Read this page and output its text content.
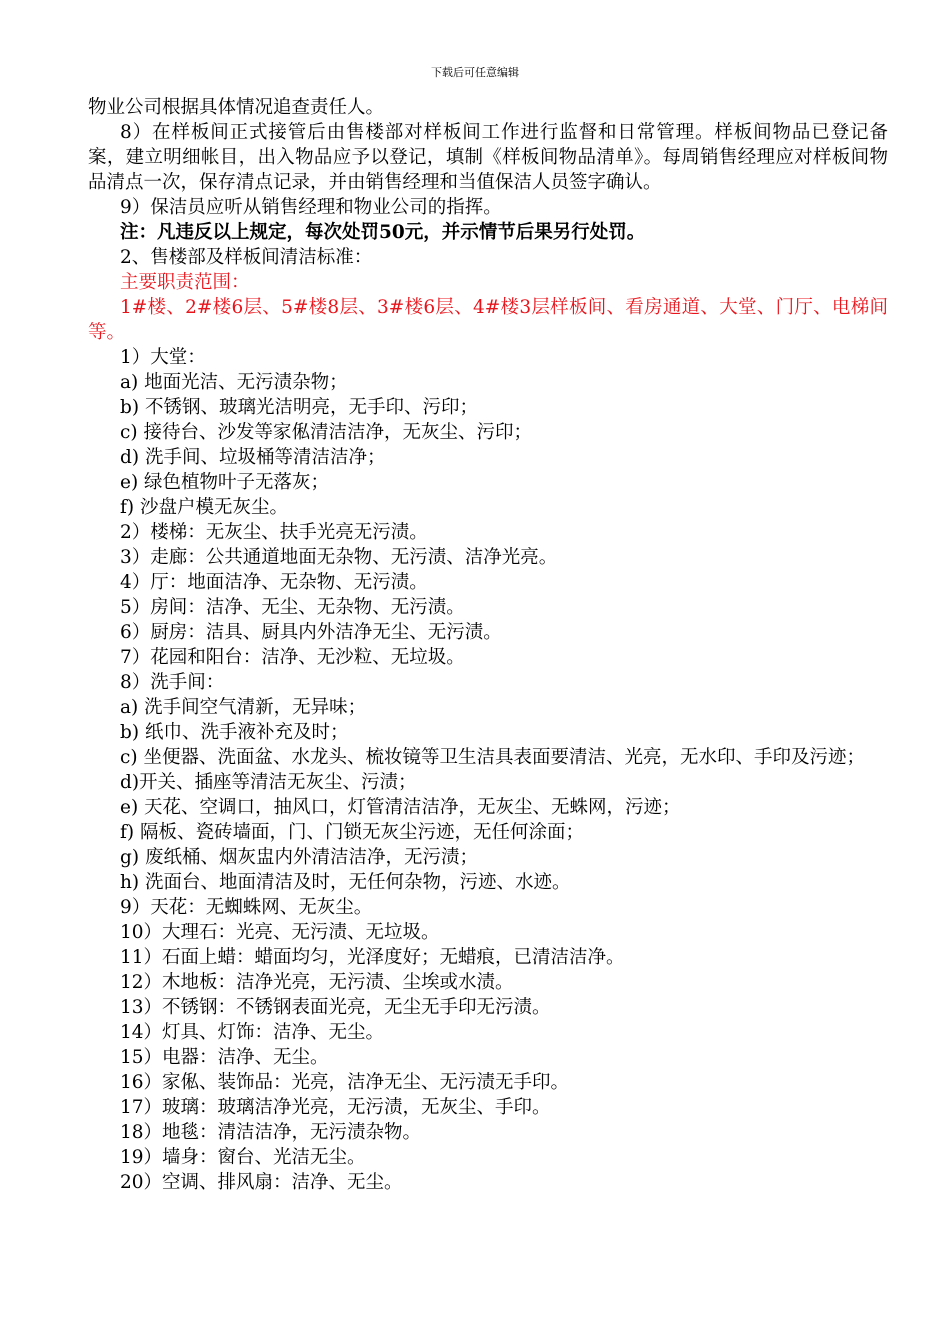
下载后可任意编辑

物业公司根据具体情况追查责任人。

8）在样板间正式接管后由售楼部对样板间工作进行监督和日常管理。样板间物品已登记备案，建立明细帐目，出入物品应予以登记，填制《样板间物品清单》。每周销售经理应对样板间物品清点一次，保存清点记录，并由销售经理和当值保洁人员签字确认。

9）保洁员应听从销售经理和物业公司的指挥。

注：凡违反以上规定，每次处罚50元，并示情节后果另行处罚。

2、售楼部及样板间清洁标准：

主要职责范围：

1#楼、2#楼6层、5#楼8层、3#楼6层、4#楼3层样板间、看房通道、大堂、门厅、电梯间等。

1）大堂：

a) 地面光洁、无污渍杂物；

b) 不锈钢、玻璃光洁明亮，无手印、污印；

c) 接待台、沙发等家俬清洁洁净，无灰尘、污印；

d) 洗手间、垃圾桶等清洁洁净；

e) 绿色植物叶子无落灰；

f) 沙盘户模无灰尘。

2）楼梯：无灰尘、扶手光亮无污渍。

3）走廊：公共通道地面无杂物、无污渍、洁净光亮。

4）厅：地面洁净、无杂物、无污渍。

5）房间：洁净、无尘、无杂物、无污渍。

6）厨房：洁具、厨具内外洁净无尘、无污渍。

7）花园和阳台：洁净、无沙粒、无垃圾。

8）洗手间：

a) 洗手间空气清新，无异味；

b) 纸巾、洗手液补充及时；

c) 坐便器、洗面盆、水龙头、梳妆镜等卫生洁具表面要清洁、光亮，无水印、手印及污迹；

d)开关、插座等清洁无灰尘、污渍；

e) 天花、空调口，抽风口，灯管清洁洁净，无灰尘、无蛛网，污迹；

f) 隔板、瓷砖墙面，门、门锁无灰尘污迹，无任何涂面；

g) 废纸桶、烟灰盅内外清洁洁净，无污渍；

h) 洗面台、地面清洁及时，无任何杂物，污迹、水迹。

9）天花：无蜘蛛网、无灰尘。

10）大理石：光亮、无污渍、无垃圾。

11）石面上蜡：蜡面均匀，光泽度好；无蜡痕，已清洁洁净。

12）木地板：洁净光亮，无污渍、尘埃或水渍。

13）不锈钢：不锈钢表面光亮，无尘无手印无污渍。

14）灯具、灯饰：洁净、无尘。

15）电器：洁净、无尘。

16）家俬、装饰品：光亮，洁净无尘、无污渍无手印。

17）玻璃：玻璃洁净光亮，无污渍，无灰尘、手印。

18）地毯：清洁洁净，无污渍杂物。

19）墙身：窗台、光洁无尘。

20）空调、排风扇：洁净、无尘。
